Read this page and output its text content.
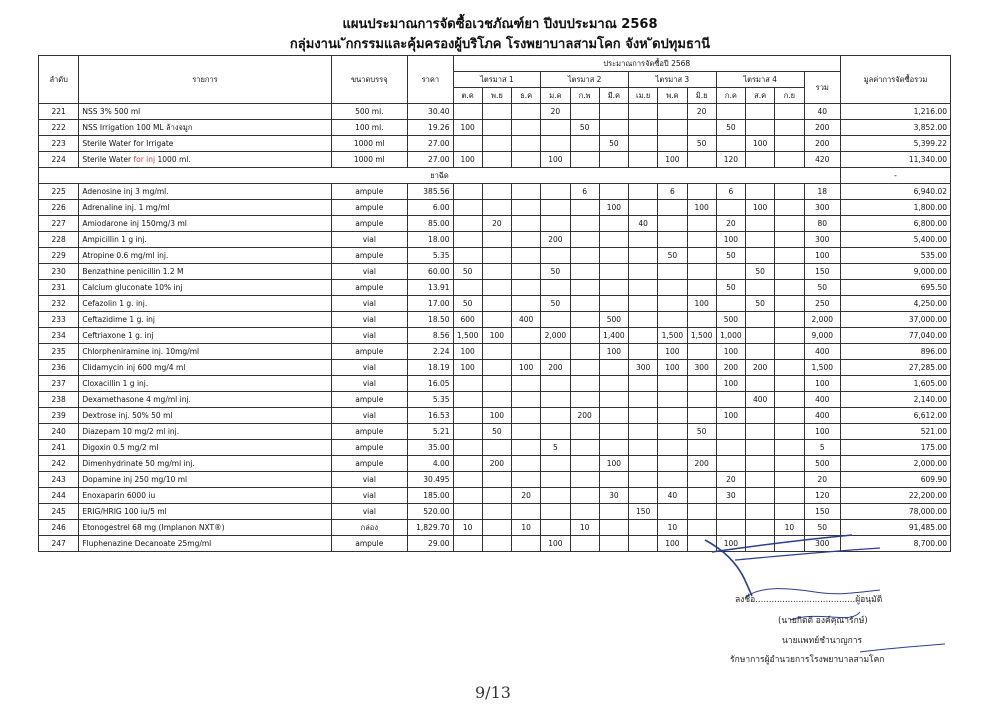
แผนประมาณการจัดซื้อเวชภัณฑ์ยา ปีงบประมาณ 2568
กลุ่มงานเ ักกรรมและคุ้มครองผู้บริโภค โรงพยาบาลสามโคก จังห ัดปทุมธานี
ลำดับ	รายการ	ขนาดบรรจุ	ราคา	ประมาณการจัดซื้อปี 2568													มูลค่าการจัดซื้อรวม
				ไตรมาส 1			ไตรมาส 2			ไตรมาส 3			ไตรมาส 4			รวม	
				ต.ค	พ.ย	ธ.ค	ม.ค	ก.พ	มี.ค	เม.ย	พ.ค	มิ.ย	ก.ค	ส.ค	ก.ย		
221	NSS 3% 500 ml	500 ml.	30.40				20					20				40	1,216.00
222	NSS Irrigation 100 ML ล้างจมูก	100 ml.	19.26	100				50					50			200	3,852.00
223	Sterile Water for Irrigate	1000 ml	27.00						50			50		100		200	5,399.22
224	Sterile Water for inj 1000 ml.	1000 ml	27.00	100			100				100		120			420	11,340.00
ยาฉีด																	-
225	Adenosine inj 3 mg/ml.	ampule	385.56					6			6		6			18	6,940.02
226	Adrenaline inj. 1 mg/ml	ampule	6.00						100			100		100		300	1,800.00
227	Amiodarone inj 150mg/3 ml	ampule	85.00		20					40			20			80	6,800.00
228	Ampicillin 1 g inj.	vial	18.00				200						100			300	5,400.00
229	Atropine 0.6 mg/ml inj.	ampule	5.35								50		50			100	535.00
230	Benzathine penicillin 1.2 M	vial	60.00	50			50							50		150	9,000.00
231	Calcium gluconate 10% inj	ampule	13.91										50			50	695.50
232	Cefazolin 1 g. inj.	vial	17.00	50			50					100		50		250	4,250.00
233	Ceftazidime 1 g. inj	vial	18.50	600		400			500				500			2,000	37,000.00
234	Ceftriaxone 1 g. inj	vial	8.56	1,500	100		2,000		1,400		1,500	1,500	1,000			9,000	77,040.00
235	Chlorpheniramine inj. 10mg/ml	ampule	2.24	100					100		100		100			400	896.00
236	Clidamycin inj 600 mg/4 ml	vial	18.19	100		100	200			300	100	300	200	200		1,500	27,285.00
237	Cloxacillin 1 g inj.	vial	16.05										100			100	1,605.00
238	Dexamethasone 4 mg/ml inj.	ampule	5.35											400		400	2,140.00
239	Dextrose inj. 50% 50 ml	vial	16.53		100			200					100			400	6,612.00
240	Diazepam 10 mg/2 ml inj.	ampule	5.21		50							50				100	521.00
241	Digoxin 0.5 mg/2 ml	ampule	35.00				5									5	175.00
242	Dimenhydrinate 50 mg/ml inj.	ampule	4.00		200				100			200				500	2,000.00
243	Dopamine inj 250 mg/10 ml	vial	30.495										20			20	609.90
244	Enoxaparin 6000 iu	vial	185.00			20			30		40		30			120	22,200.00
245	ERIG/HRIG 100 iu/5 ml	vial	520.00							150						150	78,000.00
246	Etonogestrel 68 mg (Implanon NXT®)	กล่อง	1,829.70	10		10		10			10				10	50	91,485.00
247	Fluphenazine Decanoate 25mg/ml	ampule	29.00				100				100		100			300	8,700.00
ลงชื่อ.....................................ผู้อนุมัติ
(นายกิตติ องค์คุณารักษ์)
นายแพทย์ชำนาญการ
รักษาการผู้อำนวยการโรงพยาบาลสามโคก
9/13
